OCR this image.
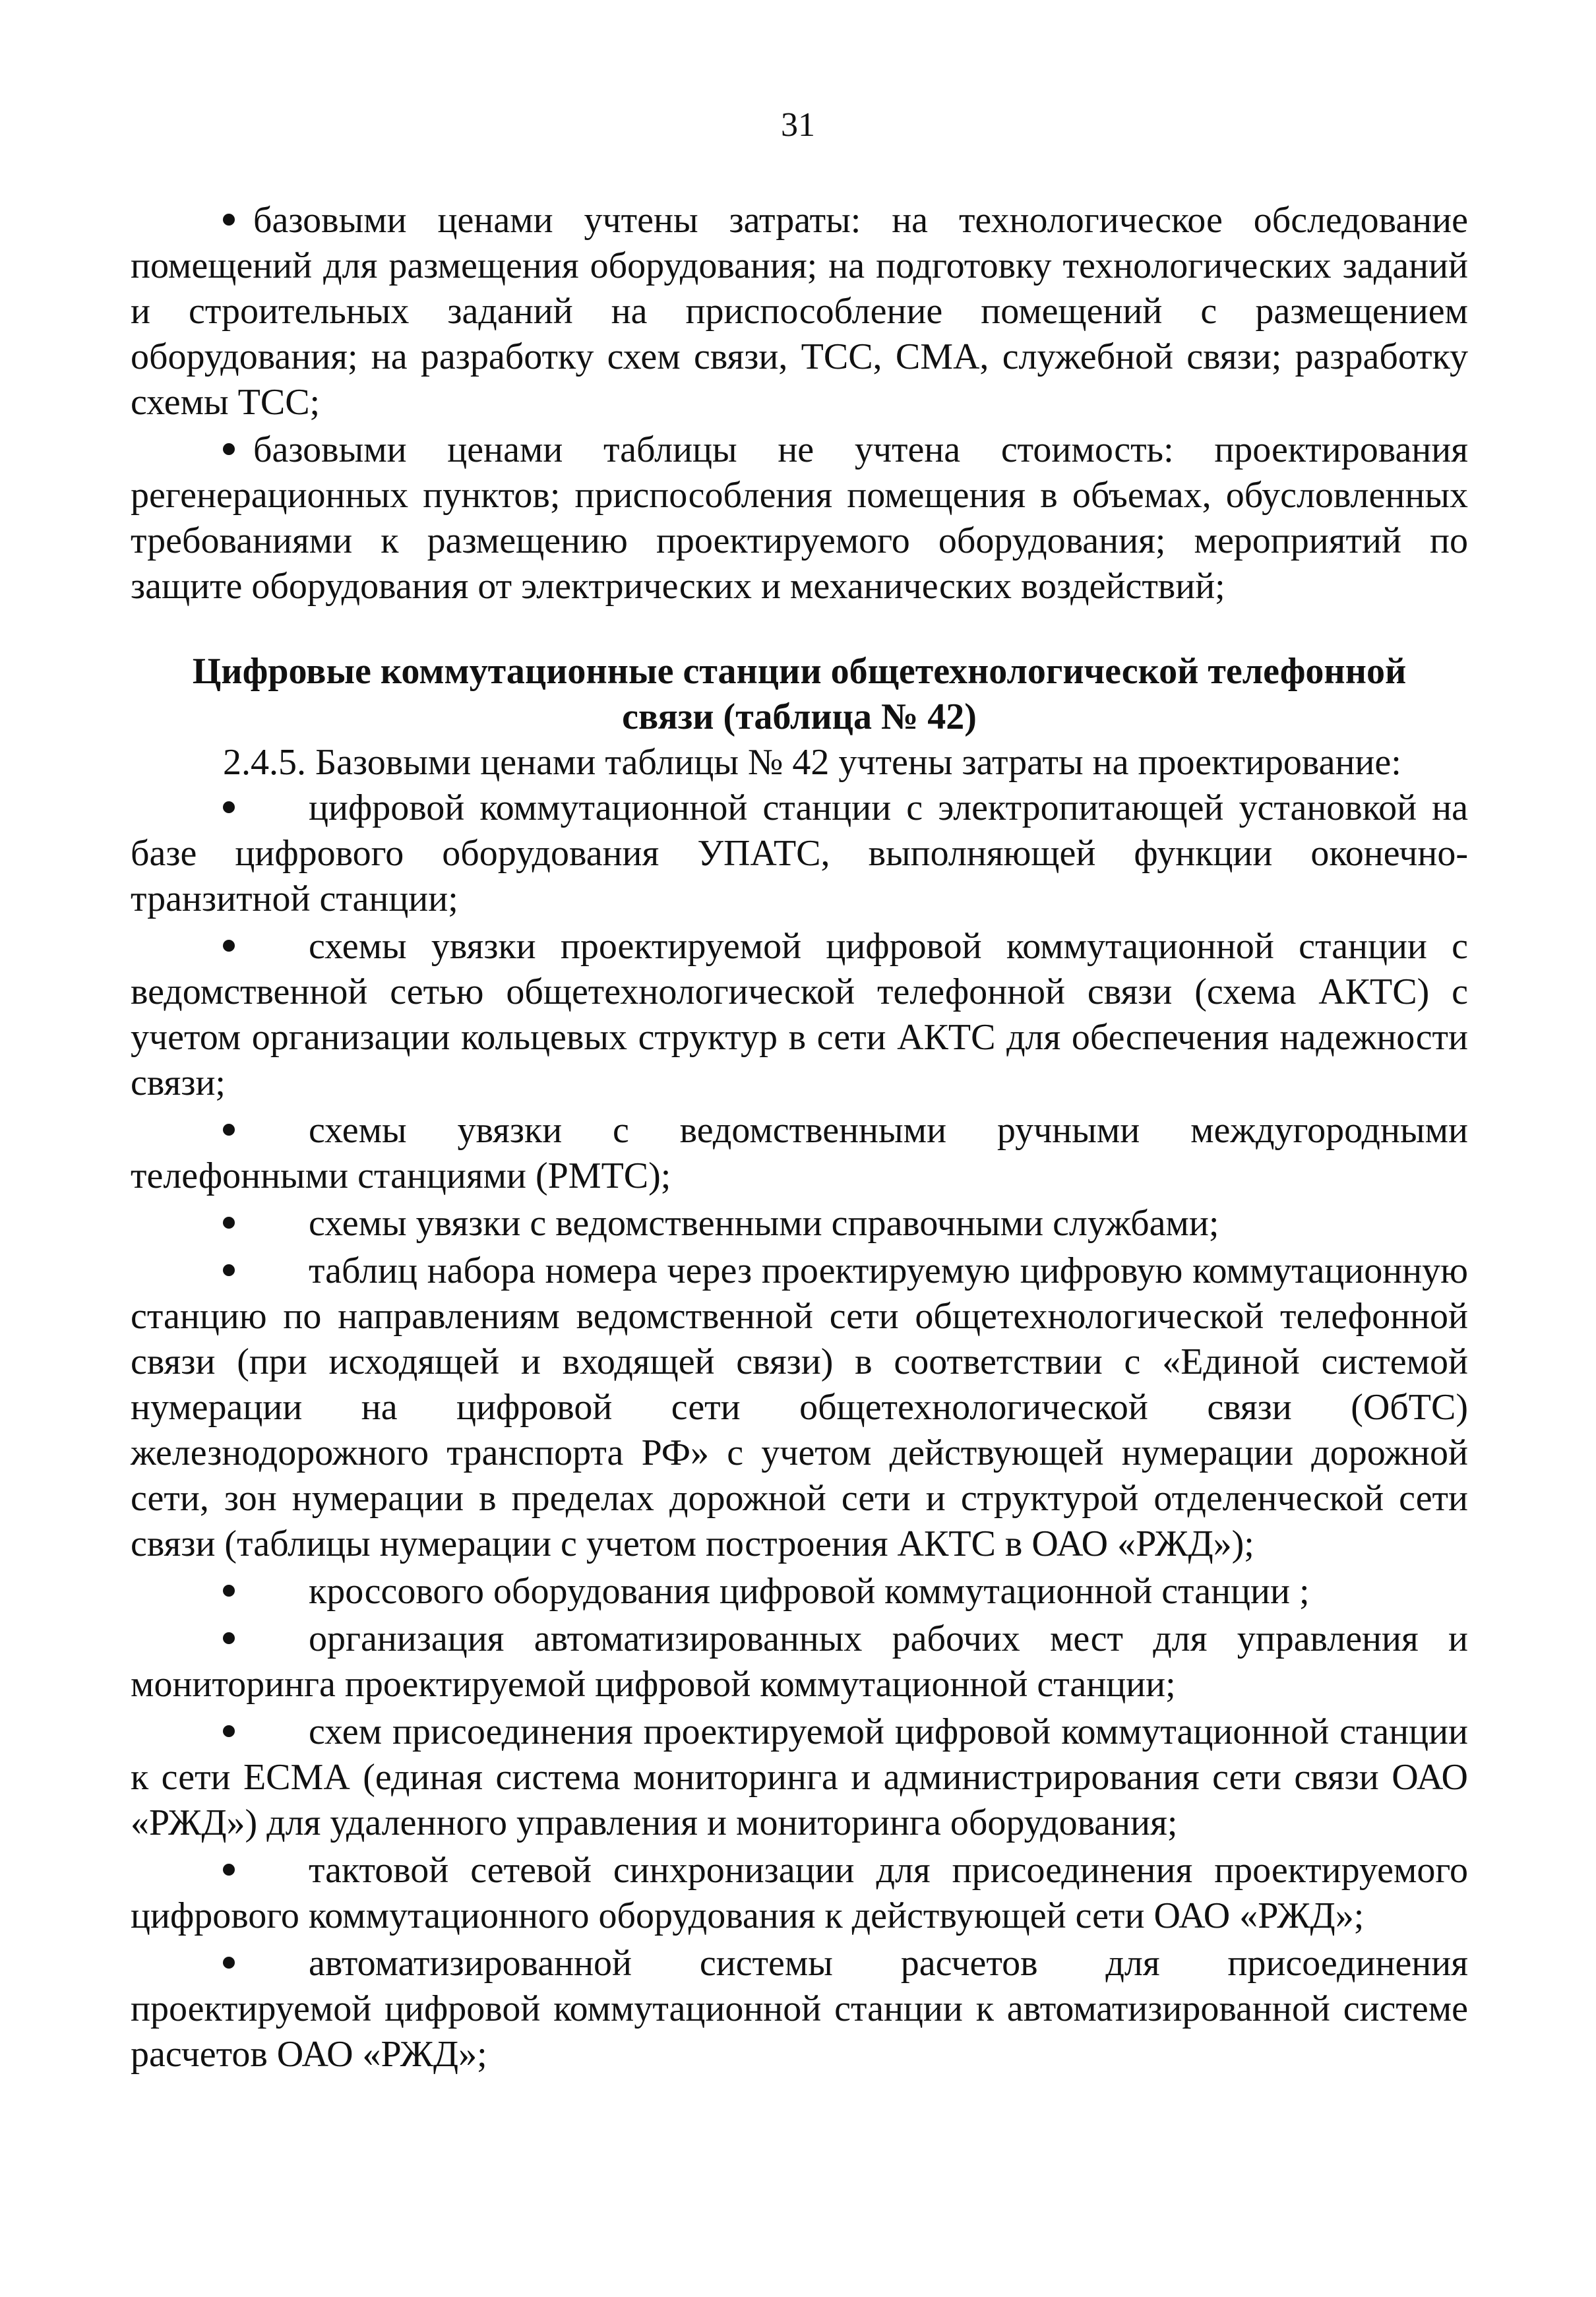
31

базовыми ценами учтены затраты: на технологическое обследование помещений для размещения оборудования; на подготовку технологических заданий и строительных заданий на приспособление помещений с размещением оборудования; на разработку схем связи, ТСС, СМА, служебной связи; разработку схемы ТСС;

базовыми ценами таблицы не учтена стоимость: проектирования регенерационных пунктов; приспособления помещения в объемах, обусловленных требованиями к размещению проектируемого оборудования; мероприятий по защите оборудования от электрических и механических воздействий;

Цифровые коммутационные станции общетехнологической телефонной
связи (таблица № 42)

2.4.5. Базовыми ценами таблицы № 42 учтены затраты на проектирование:

цифровой коммутационной станции с электропитающей установкой на базе цифрового оборудования УПАТС, выполняющей функции оконечно-транзитной станции;

схемы увязки проектируемой цифровой коммутационной станции с ведомственной сетью общетехнологической телефонной связи (схема АКТС) с учетом организации кольцевых структур в сети АКТС для обеспечения надежности связи;

схемы увязки с ведомственными ручными междугородными телефонными станциями (РМТС);

схемы увязки с ведомственными справочными службами;

таблиц набора номера через проектируемую цифровую коммутационную станцию по направлениям ведомственной сети общетехнологической телефонной связи (при исходящей и входящей связи) в соответствии с «Единой системой нумерации на цифровой сети общетехнологической связи (ОбТС) железнодорожного транспорта РФ» с учетом действующей нумерации дорожной сети, зон нумерации в пределах дорожной сети и структурой отделенческой сети связи (таблицы нумерации с учетом построения АКТС в ОАО «РЖД»);

кроссового оборудования цифровой коммутационной станции ;

организация автоматизированных рабочих мест для управления и мониторинга проектируемой цифровой коммутационной станции;

схем присоединения проектируемой цифровой коммутационной станции к сети ЕСМА (единая система мониторинга и администрирования сети связи ОАО «РЖД») для удаленного управления и мониторинга оборудования;

тактовой сетевой синхронизации для присоединения проектируемого цифрового коммутационного оборудования к действующей сети ОАО «РЖД»;

автоматизированной системы расчетов для присоединения проектируемой цифровой коммутационной станции к автоматизированной системе расчетов ОАО «РЖД»;
